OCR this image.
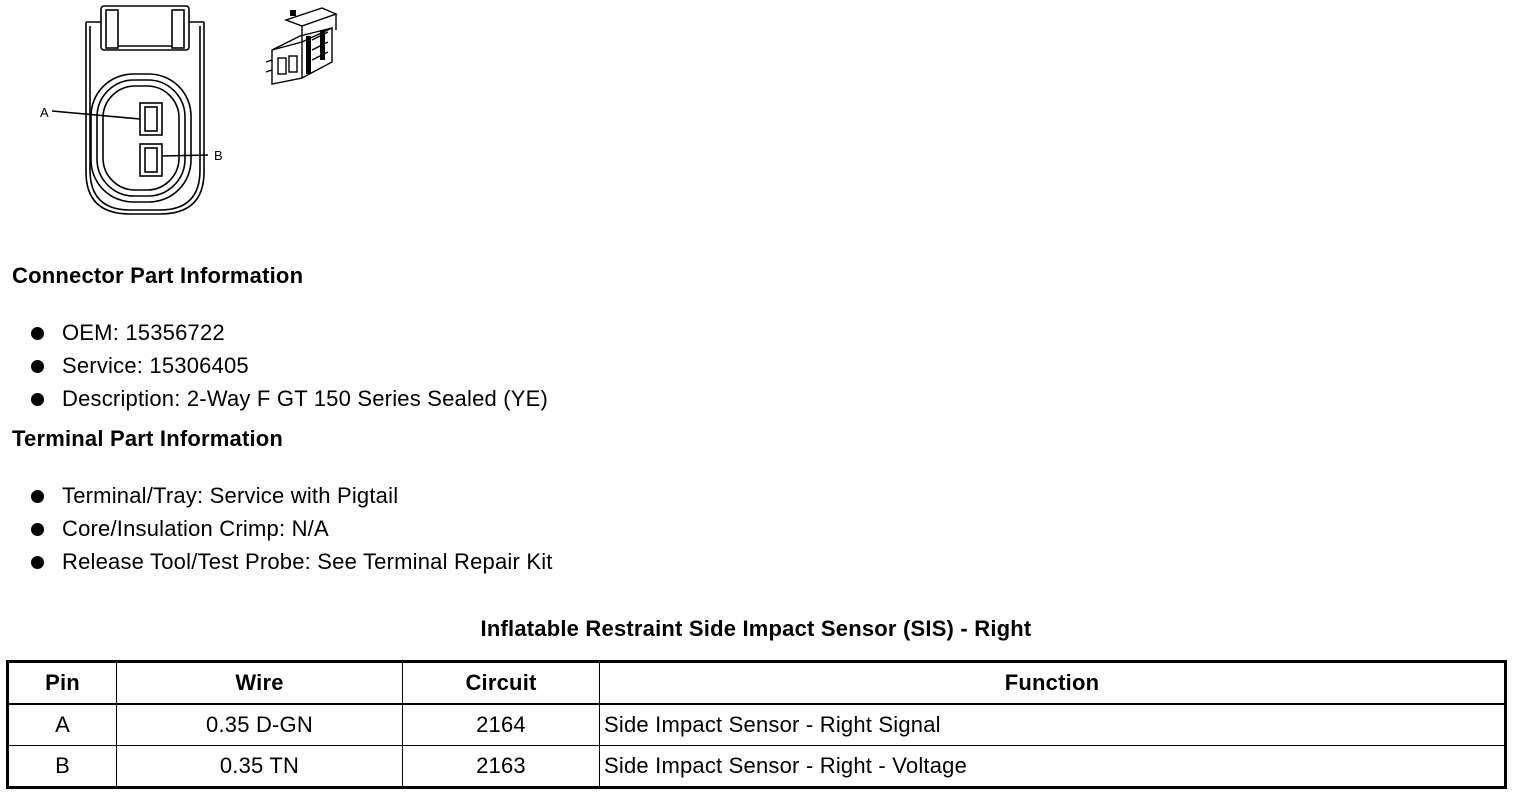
A
B
Connector Part Information
OEM: 15356722
Service: 15306405
Description: 2-Way F GT 150 Series Sealed (YE)
Terminal Part Information
Terminal/Tray: Service with Pigtail
Core/Insulation Crimp: N/A
Release Tool/Test Probe: See Terminal Repair Kit
Inflatable Restraint Side Impact Sensor (SIS) - Right
Pin	Wire	Circuit	Function
A	0.35 D-GN	2164	Side Impact Sensor - Right Signal
B	0.35 TN	2163	Side Impact Sensor - Right - Voltage
